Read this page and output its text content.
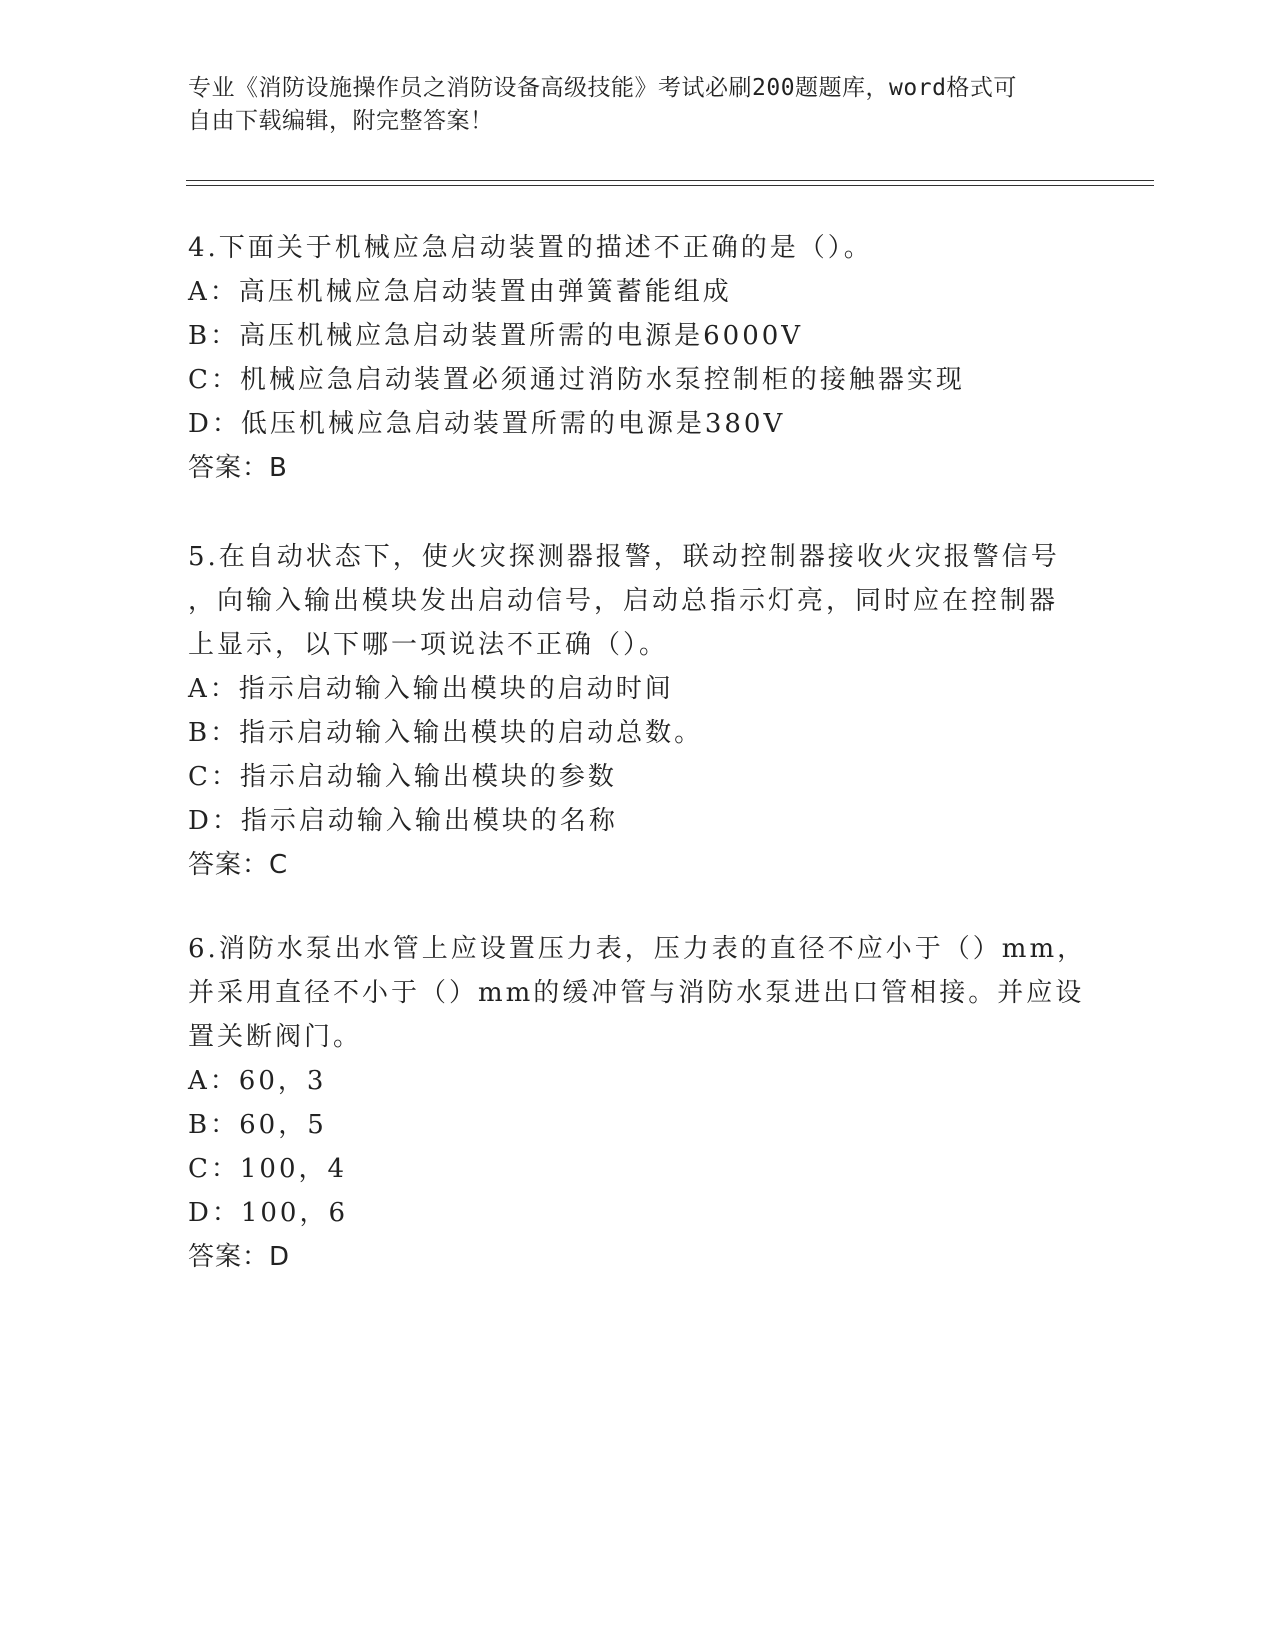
专业《消防设施操作员之消防设备高级技能》考试必刷200题题库，word格式可

自由下载编辑，附完整答案！

4.下面关于机械应急启动装置的描述不正确的是（）。
A：高压机械应急启动装置由弹簧蓄能组成
B：高压机械应急启动装置所需的电源是6000V
C：机械应急启动装置必须通过消防水泵控制柜的接触器实现
D：低压机械应急启动装置所需的电源是380V
答案：B
5.在自动状态下，使火灾探测器报警，联动控制器接收火灾报警信号
，向输入输出模块发出启动信号，启动总指示灯亮，同时应在控制器
上显示，以下哪一项说法不正确（）。
A：指示启动输入输出模块的启动时间
B：指示启动输入输出模块的启动总数。
C：指示启动输入输出模块的参数
D：指示启动输入输出模块的名称
答案：C
6.消防水泵出水管上应设置压力表，压力表的直径不应小于（）mm，
并采用直径不小于（）mm的缓冲管与消防水泵进出口管相接。并应设
置关断阀门。
A：60，3
B：60，5
C：100，4
D：100，6
答案：D
